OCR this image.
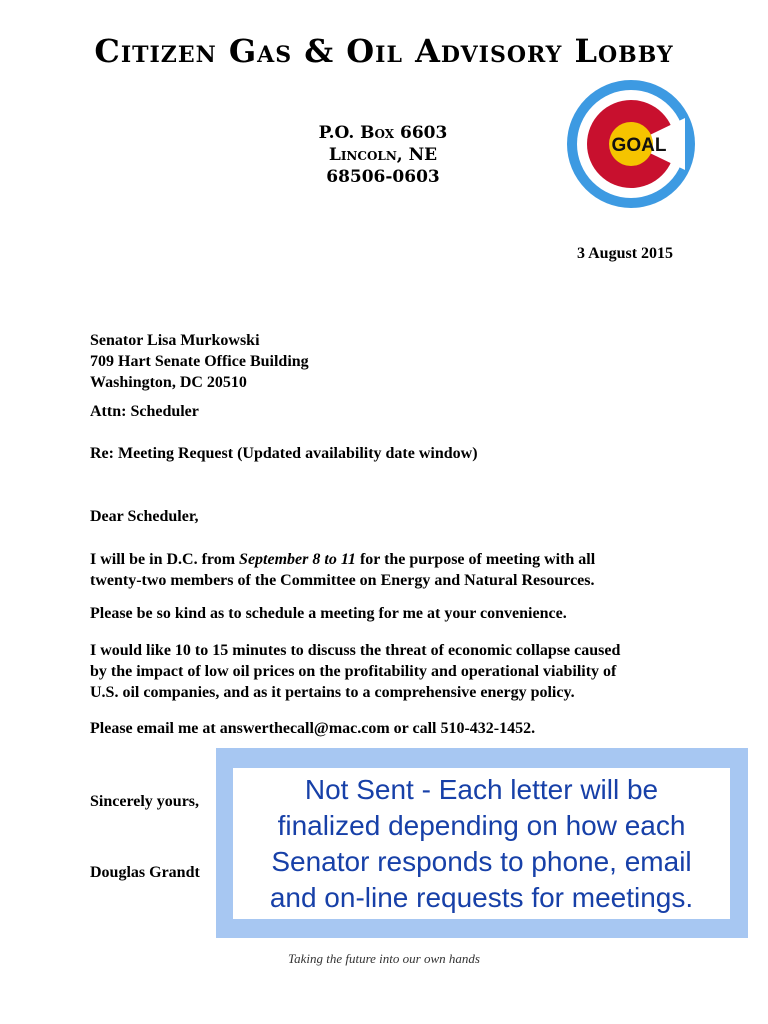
Citizen Gas & Oil Advisory Lobby
P.O. Box 6603
Lincoln, NE
68506-0603
GOAL
3 August 2015
Senator Lisa Murkowski
709 Hart Senate Office Building
Washington, DC 20510
Attn: Scheduler
Re: Meeting Request (Updated availability date window)
Dear Scheduler,
I will be in D.C. from September 8 to 11 for the purpose of meeting with all
twenty-two members of the Committee on Energy and Natural Resources.
Please be so kind as to schedule a meeting for me at your convenience.
I would like 10 to 15 minutes to discuss the threat of economic collapse caused
by the impact of low oil prices on the profitability and operational viability of
U.S. oil companies, and as it pertains to a comprehensive energy policy.
Please email me at answerthecall@mac.com or call 510-432-1452.
Sincerely yours,
Douglas Grandt
Not Sent - Each letter will be
finalized depending on how each
Senator responds to phone, email
and on-line requests for meetings.
Taking the future into our own hands
